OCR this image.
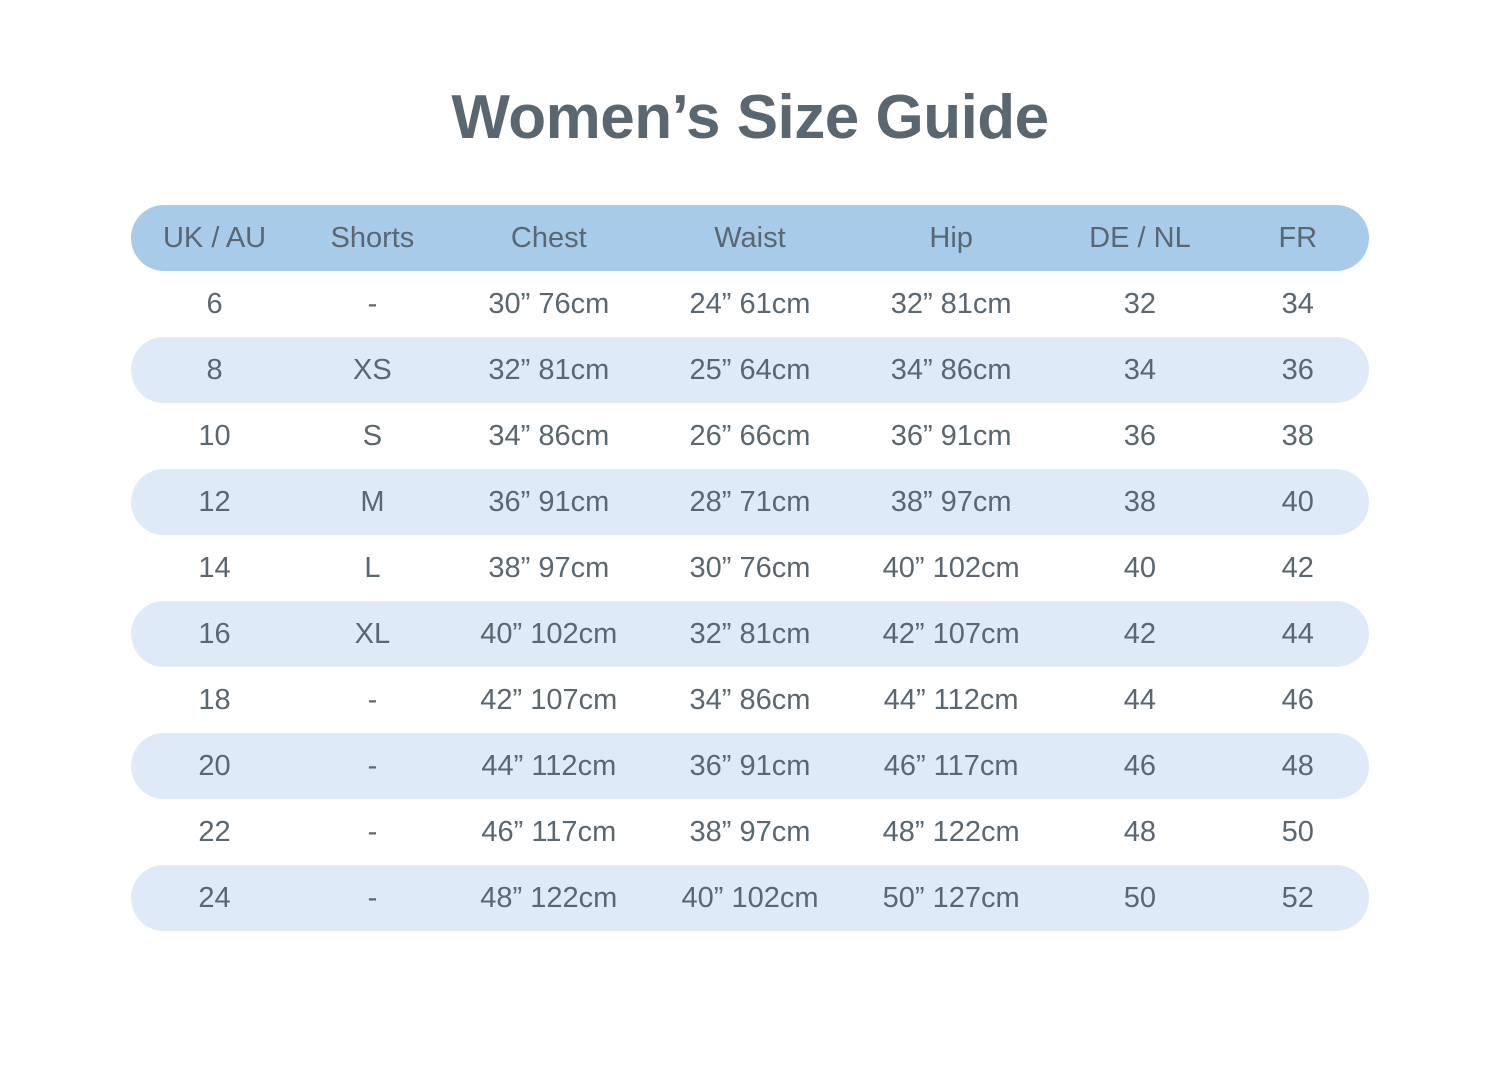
Women’s Size Guide
UK / AU	Shorts	Chest	Waist	Hip	DE / NL	FR
6	-	30” 76cm	24” 61cm	32” 81cm	32	34
8	XS	32” 81cm	25” 64cm	34” 86cm	34	36
10	S	34” 86cm	26” 66cm	36” 91cm	36	38
12	M	36” 91cm	28” 71cm	38” 97cm	38	40
14	L	38” 97cm	30” 76cm	40” 102cm	40	42
16	XL	40” 102cm	32” 81cm	42” 107cm	42	44
18	-	42” 107cm	34” 86cm	44” 112cm	44	46
20	-	44” 112cm	36” 91cm	46” 117cm	46	48
22	-	46” 117cm	38” 97cm	48” 122cm	48	50
24	-	48” 122cm	40” 102cm	50” 127cm	50	52
